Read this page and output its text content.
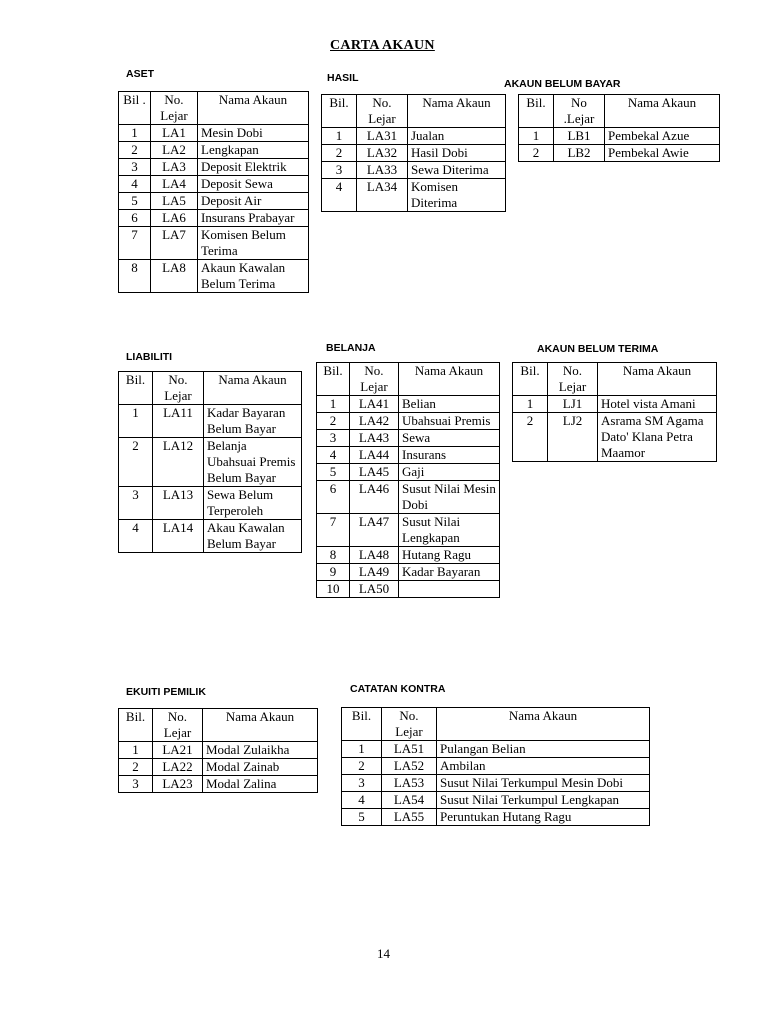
CARTA AKAUN
ASET
Bil .	No. Lejar	Nama Akaun
1	LA1	Mesin Dobi
2	LA2	Lengkapan
3	LA3	Deposit Elektrik
4	LA4	Deposit Sewa
5	LA5	Deposit Air
6	LA6	Insurans Prabayar
7	LA7	Komisen Belum Terima
8	LA8	Akaun Kawalan Belum Terima
HASIL
Bil.	No. Lejar	Nama Akaun
1	LA31	Jualan
2	LA32	Hasil Dobi
3	LA33	Sewa Diterima
4	LA34	Komisen Diterima
AKAUN BELUM BAYAR
Bil.	No .Lejar	Nama Akaun
1	LB1	Pembekal Azue
2	LB2	Pembekal Awie
LIABILITI
Bil.	No. Lejar	Nama Akaun
1	LA11	Kadar Bayaran Belum Bayar
2	LA12	Belanja Ubahsuai Premis Belum Bayar
3	LA13	Sewa Belum Terperoleh
4	LA14	Akau Kawalan Belum Bayar
BELANJA
Bil.	No. Lejar	Nama Akaun
1	LA41	Belian
2	LA42	Ubahsuai Premis
3	LA43	Sewa
4	LA44	Insurans
5	LA45	Gaji
6	LA46	Susut Nilai Mesin Dobi
7	LA47	Susut Nilai Lengkapan
8	LA48	Hutang Ragu
9	LA49	Kadar Bayaran
10	LA50	
AKAUN BELUM TERIMA
Bil.	No. Lejar	Nama Akaun
1	LJ1	Hotel vista Amani
2	LJ2	Asrama SM Agama Dato' Klana Petra Maamor
EKUITI PEMILIK
Bil.	No. Lejar	Nama Akaun
1	LA21	Modal Zulaikha
2	LA22	Modal Zainab
3	LA23	Modal Zalina
CATATAN KONTRA
Bil.	No. Lejar	Nama Akaun
1	LA51	Pulangan Belian
2	LA52	Ambilan
3	LA53	Susut Nilai Terkumpul Mesin Dobi
4	LA54	Susut Nilai Terkumpul Lengkapan
5	LA55	Peruntukan Hutang Ragu
14
